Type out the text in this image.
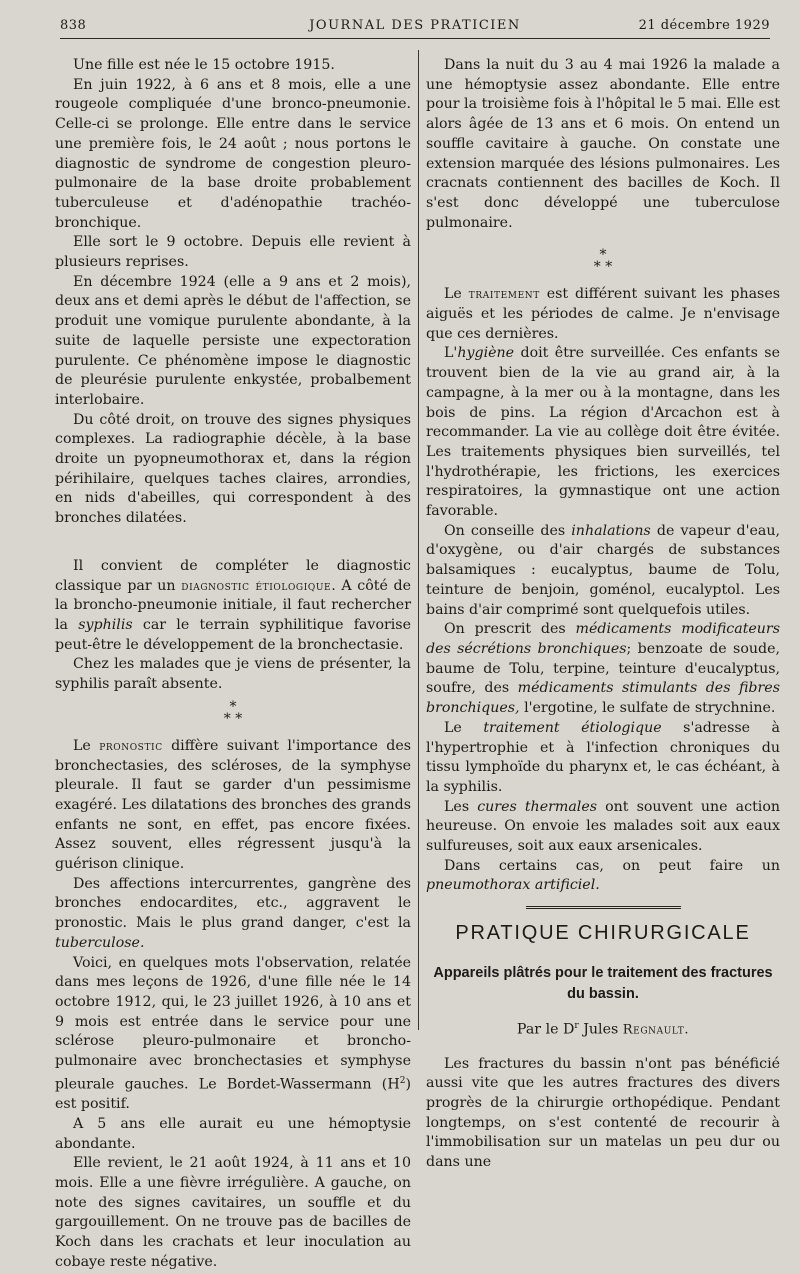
838	JOURNAL DES PRATICIEN	21 décembre 1929

Une fille est née le 15 octobre 1915.

En juin 1922, à 6 ans et 8 mois, elle a une rougeole compliquée d'une bronco-pneumonie. Celle-ci se prolonge. Elle entre dans le service une première fois, le 24 août ; nous portons le diagnostic de syndrome de congestion pleuro-pulmonaire de la base droite probablement tuberculeuse et d'adénopathie trachéo-bronchique.

Elle sort le 9 octobre. Depuis elle revient à plusieurs reprises.

En décembre 1924 (elle a 9 ans et 2 mois), deux ans et demi après le début de l'affection, se produit une vomique purulente abondante, à la suite de laquelle persiste une expectoration purulente. Ce phénomène impose le diagnostic de pleurésie purulente enkystée, probalbement interlobaire.

Du côté droit, on trouve des signes physiques complexes. La radiographie décèle, à la base droite un pyopneumothorax et, dans la région périhilaire, quelques taches claires, arrondies, en nids d'abeilles, qui correspondent à des bronches dilatées.

Il convient de compléter le diagnostic classique par un diagnostic étiologique. A côté de la broncho-pneumonie initiale, il faut rechercher la syphilis car le terrain syphilitique favorise peut-être le développement de la bronchectasie.

Chez les malades que je viens de présenter, la syphilis paraît absente.

*
* *

Le pronostic diffère suivant l'importance des bronchectasies, des scléroses, de la symphyse pleurale. Il faut se garder d'un pessimisme exagéré. Les dilatations des bronches des grands enfants ne sont, en effet, pas encore fixées. Assez souvent, elles régressent jusqu'à la guérison clinique.

Des affections intercurrentes, gangrène des bronches endocardites, etc., aggravent le pronostic. Mais le plus grand danger, c'est la tuberculose.

Voici, en quelques mots l'observation, relatée dans mes leçons de 1926, d'une fille née le 14 octobre 1912, qui, le 23 juillet 1926, à 10 ans et 9 mois est entrée dans le service pour une sclérose pleuro-pulmonaire et broncho-pulmonaire avec bronchectasies et symphyse pleurale gauches. Le Bordet-Wassermann $(H^2)$ est positif.

A 5 ans elle aurait eu une hémoptysie abondante.

Elle revient, le 21 août 1924, à 11 ans et 10 mois. Elle a une fièvre irrégulière. A gauche, on note des signes cavitaires, un souffle et du gargouillement. On ne trouve pas de bacilles de Koch dans les crachats et leur inoculation au cobaye reste négative.

Dans la nuit du 3 au 4 mai 1926 la malade a une hémoptysie assez abondante. Elle entre pour la troisième fois à l'hôpital le 5 mai. Elle est alors âgée de 13 ans et 6 mois. On entend un souffle cavitaire à gauche. On constate une extension marquée des lésions pulmonaires. Les cracnats contiennent des bacilles de Koch. Il s'est donc développé une tuberculose pulmonaire.

*
* *

Le traitement est différent suivant les phases aiguës et les périodes de calme. Je n'envisage que ces dernières.

L'hygiène doit être surveillée. Ces enfants se trouvent bien de la vie au grand air, à la campagne, à la mer ou à la montagne, dans les bois de pins. La région d'Arcachon est à recommander. La vie au collège doit être évitée. Les traitements physiques bien surveillés, tel l'hydrothérapie, les frictions, les exercices respiratoires, la gymnastique ont une action favorable.

On conseille des inhalations de vapeur d'eau, d'oxygène, ou d'air chargés de substances balsamiques : eucalyptus, baume de Tolu, teinture de benjoin, goménol, eucalyptol. Les bains d'air comprimé sont quelquefois utiles.

On prescrit des médicaments modificateurs des sécrétions bronchiques; benzoate de soude, baume de Tolu, terpine, teinture d'eucalyptus, soufre, des médicaments stimulants des fibres bronchiques, l'ergotine, le sulfate de strychnine.

Le traitement étiologique s'adresse à l'hypertrophie et à l'infection chroniques du tissu lymphoïde du pharynx et, le cas échéant, à la syphilis.

Les cures thermales ont souvent une action heureuse. On envoie les malades soit aux eaux sulfureuses, soit aux eaux arsenicales.

Dans certains cas, on peut faire un pneumothorax artificiel.

PRATIQUE CHIRURGICALE
Appareils plâtrés pour le traitement des fractures du bassin.
Par le $D^r$ Jules Regnault.

Les fractures du bassin n'ont pas bénéficié aussi vite que les autres fractures des divers progrès de la chirurgie orthopédique. Pendant longtemps, on s'est contenté de recourir à l'immobilisation sur un matelas un peu dur ou dans une
